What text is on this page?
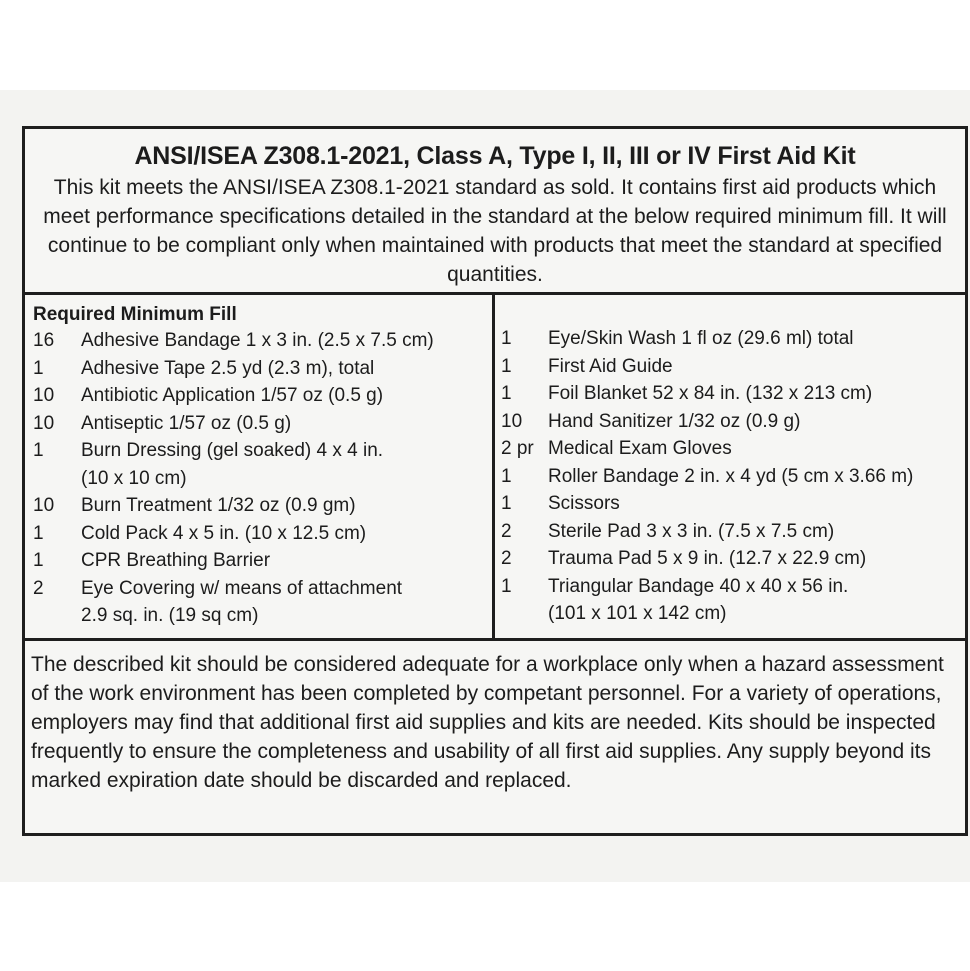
ANSI/ISEA Z308.1-2021, Class A, Type I, II, III or IV First Aid Kit
This kit meets the ANSI/ISEA Z308.1-2021 standard as sold. It contains first aid products which meet performance specifications detailed in the standard at the below required minimum fill. It will continue to be compliant only when maintained with products that meet the standard at specified quantities.
Required Minimum Fill
16	Adhesive Bandage 1 x 3 in. (2.5 x 7.5 cm)
1	Adhesive Tape 2.5 yd (2.3 m), total
10	Antibiotic Application 1/57 oz (0.5 g)
10	Antiseptic 1/57 oz (0.5 g)
1	Burn Dressing (gel soaked) 4 x 4 in.
(10 x 10 cm)
10	Burn Treatment 1/32 oz (0.9 gm)
1	Cold Pack 4 x 5 in. (10 x 12.5 cm)
1	CPR Breathing Barrier
2	Eye Covering w/ means of attachment
2.9 sq. in. (19 sq cm)
1	Eye/Skin Wash 1 fl oz (29.6 ml) total
1	First Aid Guide
1	Foil Blanket 52 x 84 in. (132 x 213 cm)
10	Hand Sanitizer 1/32 oz (0.9 g)
2 pr Medical Exam Gloves
1	Roller Bandage 2 in. x 4 yd (5 cm x 3.66 m)
1	Scissors
2	Sterile Pad 3 x 3 in. (7.5 x 7.5 cm)
2	Trauma Pad 5 x 9 in. (12.7 x 22.9 cm)
1	Triangular Bandage 40 x 40 x 56 in.
(101 x 101 x 142 cm)
The described kit should be considered adequate for a workplace only when a hazard assessment of the work environment has been completed by competant personnel. For a variety of operations, employers may find that additional first aid supplies and kits are needed. Kits should be inspected frequently to ensure the completeness and usability of all first aid supplies. Any supply beyond its marked expiration date should be discarded and replaced.
